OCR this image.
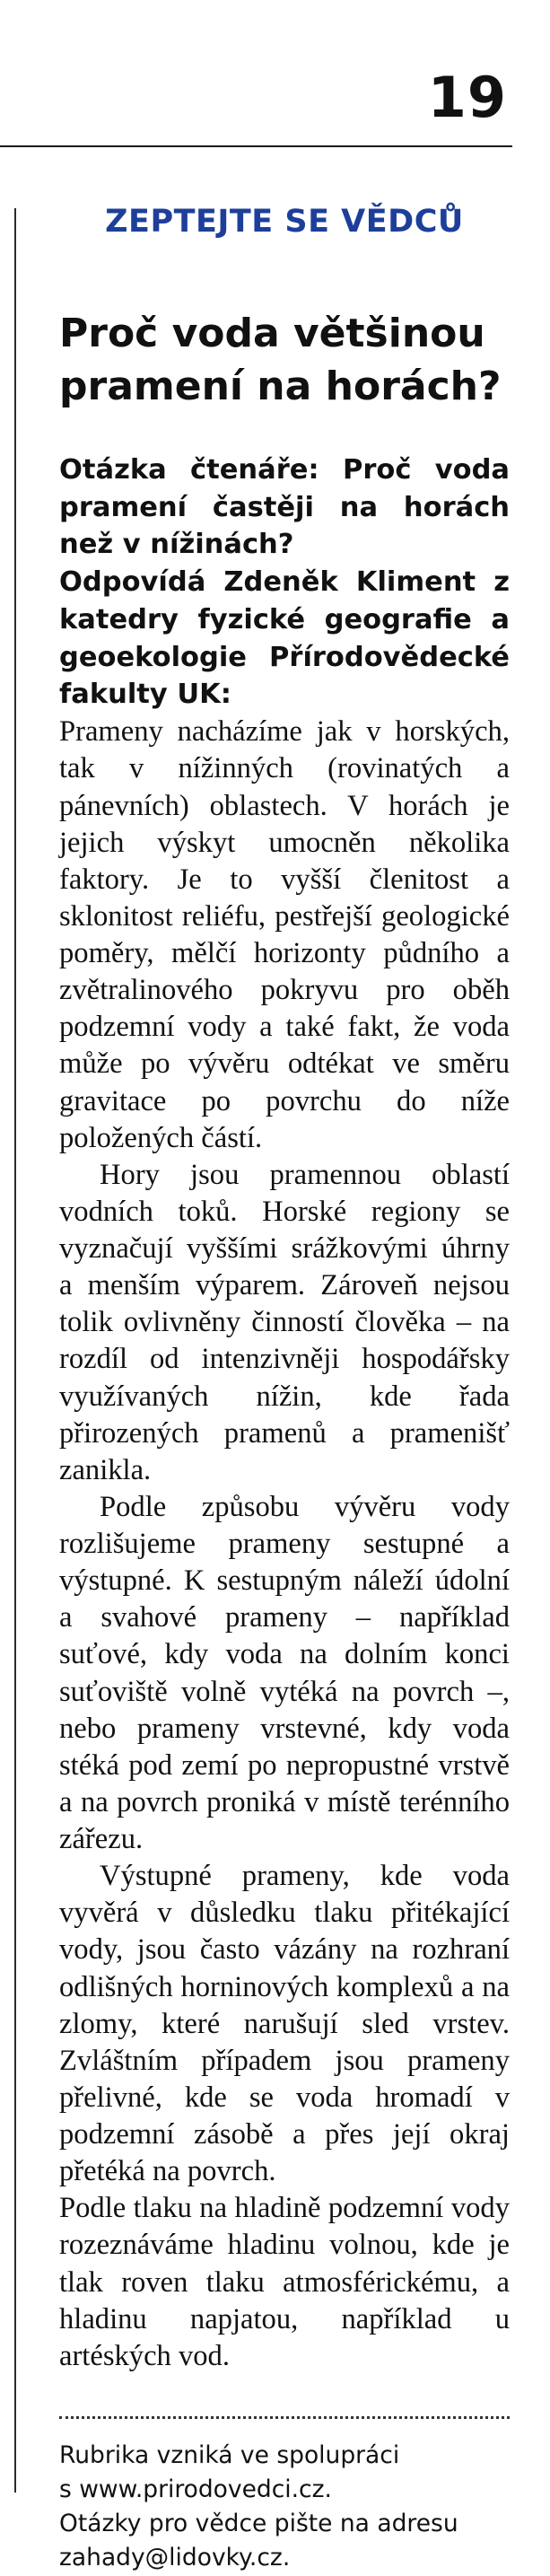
19
ZEPTEJTE SE VĚDCŮ
Proč voda většinou pramení na horách?

Otázka čtenáře: Proč voda pramení častěji na horách než v nížinách?

Odpovídá Zdeněk Kliment z katedry fyzické geografie a geoekologie Přírodovědecké fakulty UK:

Prameny nacházíme jak v horských, tak v nížinných (rovinatých a pánevních) oblastech. V horách je jejich výskyt umocněn několika faktory. Je to vyšší členitost a sklonitost reliéfu, pestřejší geologické poměry, mělčí horizonty půdního a zvětralinového pokryvu pro oběh podzemní vody a také fakt, že voda může po vývěru odtékat ve směru gravitace po povrchu do níže položených částí.

Hory jsou pramennou oblastí vodních toků. Horské regiony se vyznačují vyššími srážkovými úhrny a menším výparem. Zároveň nejsou tolik ovlivněny činností člověka – na rozdíl od intenzivněji hospodářsky využívaných nížin, kde řada přirozených pramenů a pramenišť zanikla.

Podle způsobu vývěru vody rozlišujeme prameny sestupné a výstupné. K sestupným náleží údolní a svahové prameny – například suťové, kdy voda na dolním konci suťoviště volně vytéká na povrch –, nebo prameny vrstevné, kdy voda stéká pod zemí po nepropustné vrstvě a na povrch proniká v místě terénního zářezu.

Výstupné prameny, kde voda vyvěrá v důsledku tlaku přitékající vody, jsou často vázány na rozhraní odlišných horninových komplexů a na zlomy, které narušují sled vrstev. Zvláštním případem jsou prameny přelivné, kde se voda hromadí v podzemní zásobě a přes její okraj přetéká na povrch.

Podle tlaku na hladině podzemní vody rozeznáváme hladinu volnou, kde je tlak roven tlaku atmosférickému, a hladinu napjatou, například u artéských vod.

Rubrika vzniká ve spolupráci
s www.prirodovedci.cz.
Otázky pro vědce pište na adresu
zahady@lidovky.cz.
